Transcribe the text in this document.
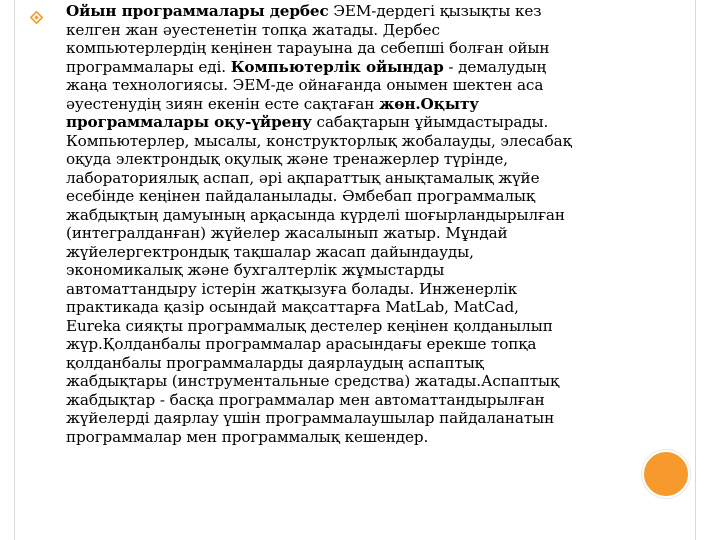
Ойын программалары дербес ЭЕМ-дердегі қызықты кез
келген жан әуестенетін топқа жатады. Дербес
компьютерлердің кеңінен тарауына да себепші болған ойын
программалары еді. Компьютерлік ойындар - демалудың
жаңа технологиясы. ЭЕМ-де ойнағанда онымен шектен аса
әуестенудің зиян екенін есте сақтаған жөн.Оқыту
программалары оқу-үйрену сабақтарын ұйымдастырады.
Компьютерлер, мысалы, конструкторлық жобалауды, элесабақ
оқуда электрондық оқулық және тренажерлер түрінде,
лабораториялық аспап, әрі ақпараттық анықтамалық жүйе
есебінде кеңінен пайдаланылады. Әмбебап программалық
жабдықтың дамуының арқасында күрделі шоғырландырылған
(интегралданған) жүйелер жасалынып жатыр. Мұндай
жүйелергектрондық тақшалар жасап дайындауды,
экономикалық және бухгалтерлік жұмыстарды
автоматтандыру істерін жатқызуға болады. Инженерлік
практикада қазір осындай мақсаттарға MatLab, MatCad,
Eureka сияқты программалық дестелер кеңінен қолданылып
жүр.Қолданбалы программалар арасындағы ерекше топқа
қолданбалы программаларды даярлаудың аспаптық
жабдықтары (инструментальные средства) жатады.Аспаптық
жабдықтар - басқа программалар мен автоматтандырылған
жүйелерді даярлау үшін программалаушылар пайдаланатын
программалар мен программалық кешендер.
